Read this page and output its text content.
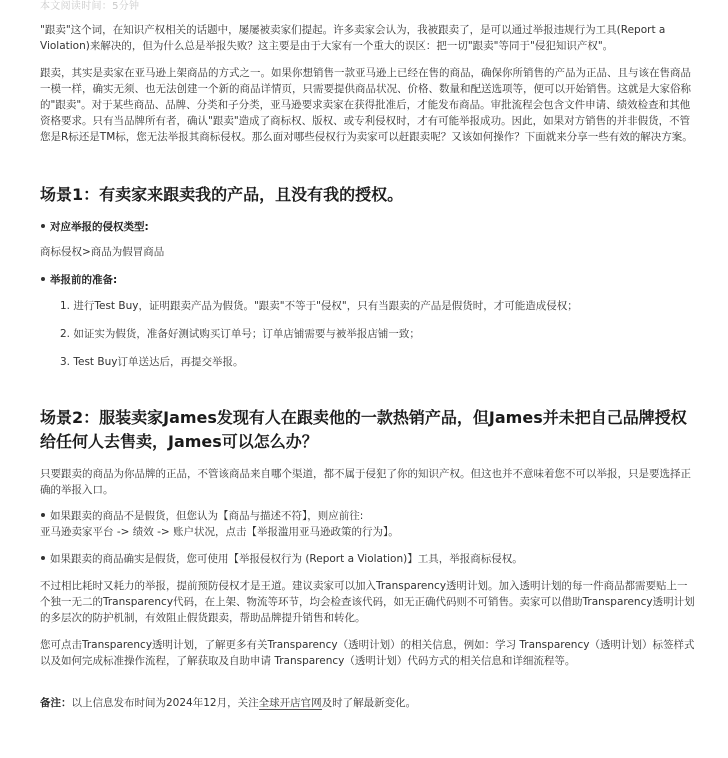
本文阅读时间：5分钟

"跟卖"这个词，在知识产权相关的话题中，屡屡被卖家们提起。许多卖家会认为，我被跟卖了，是可以通过举报违规行为工具(Report a Violation)来解决的，但为什么总是举报失败？这主要是由于大家有一个重大的误区：把一切"跟卖"等同于"侵犯知识产权"。

跟卖，其实是卖家在亚马逊上架商品的方式之一。如果你想销售一款亚马逊上已经在售的商品，确保你所销售的产品为正品、且与该在售商品一模一样，确实无须、也无法创建一个新的商品详情页，只需要提供商品状况、价格、数量和配送选项等，便可以开始销售。这就是大家俗称的"跟卖"。对于某些商品、品牌、分类和子分类，亚马逊要求卖家在获得批准后，才能发布商品。审批流程会包含文件申请、绩效检查和其他资格要求。只有当品牌所有者，确认"跟卖"造成了商标权、版权、或专利侵权时，才有可能举报成功。因此，如果对方销售的并非假货，不管您是R标还是TM标，您无法举报其商标侵权。那么面对哪些侵权行为卖家可以赶跟卖呢？又该如何操作？下面就来分享一些有效的解决方案。

场景1：有卖家来跟卖我的产品，且没有我的授权。
对应举报的侵权类型:

商标侵权>商品为假冒商品

举报前的准备:
1. 进行Test Buy，证明跟卖产品为假货。"跟卖"不等于"侵权"，只有当跟卖的产品是假货时，才可能造成侵权；
2. 如证实为假货，准备好测试购买订单号；订单店铺需要与被举报店铺一致；
3. Test Buy订单送达后，再提交举报。
场景2：服装卖家James发现有人在跟卖他的一款热销产品，但James并未把自己品牌授权给任何人去售卖，James可以怎么办？

只要跟卖的商品为你品牌的正品，不管该商品来自哪个渠道，都不属于侵犯了你的知识产权。但这也并不意味着您不可以举报，只是要选择正确的举报入口。

如果跟卖的商品不是假货，但您认为【商品与描述不符】，则应前往:
亚马逊卖家平台 -> 绩效 -> 账户状况，点击【举报滥用亚马逊政策的行为】。

如果跟卖的商品确实是假货，您可使用【举报侵权行为 (Report a Violation)】工具，举报商标侵权。

不过相比耗时又耗力的举报，提前预防侵权才是王道。建议卖家可以加入Transparency透明计划。加入透明计划的每一件商品都需要贴上一个独一无二的Transparency代码，在上架、物流等环节，均会检查该代码，如无正确代码则不可销售。卖家可以借助Transparency透明计划的多层次的防护机制，有效阻止假货跟卖，帮助品牌提升销售和转化。

您可点击Transparency透明计划，了解更多有关Transparency（透明计划）的相关信息，例如：学习 Transparency（透明计划）标签样式以及如何完成标准操作流程，了解获取及自助申请 Transparency（透明计划）代码方式的相关信息和详细流程等。

备注：以上信息发布时间为2024年12月，关注全球开店官网及时了解最新变化。
